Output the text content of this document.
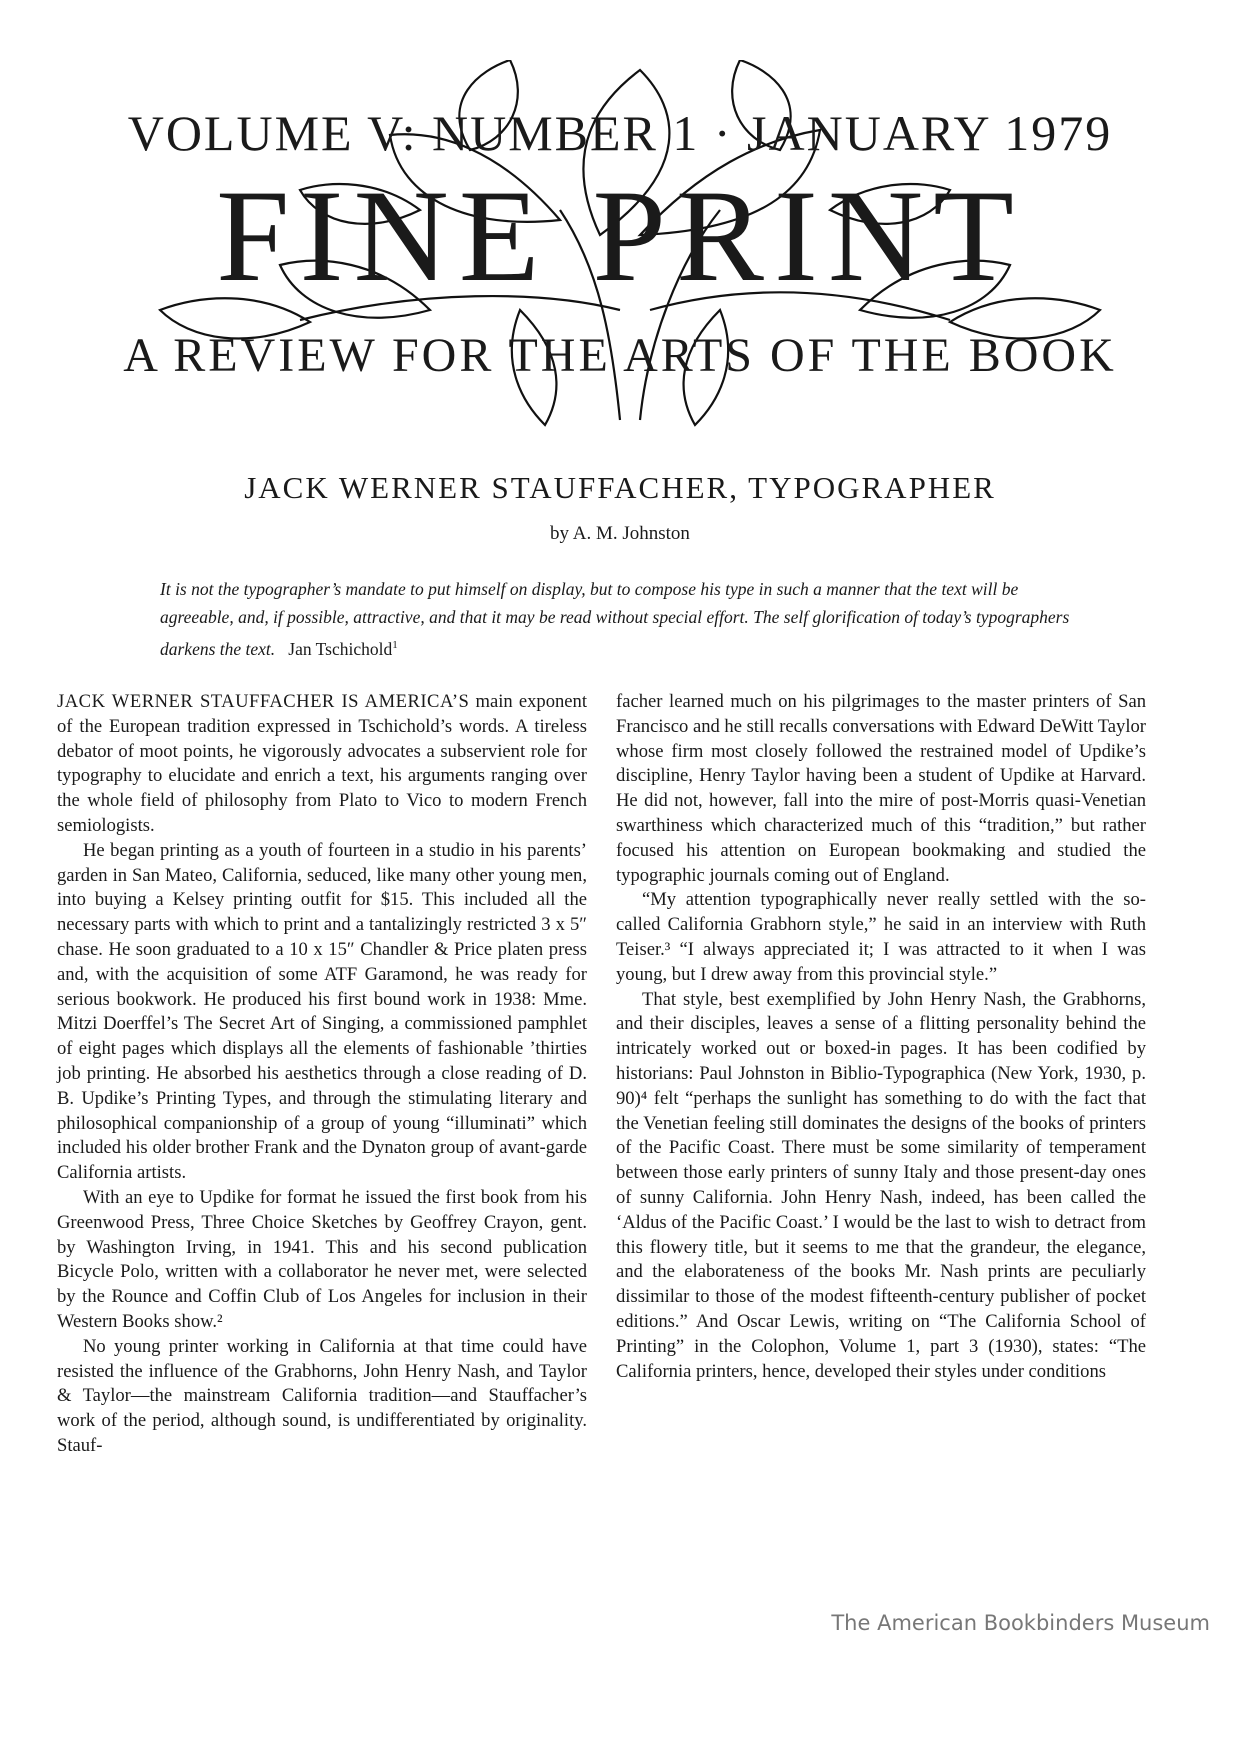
VOLUME V: NUMBER 1 · JANUARY 1979
FINE PRINT
A REVIEW FOR THE ARTS OF THE BOOK
JACK WERNER STAUFFACHER, TYPOGRAPHER
by A. M. Johnston
It is not the typographer’s mandate to put himself on display, but to compose his type in such a manner that the text will be agreeable, and, if possible, attractive, and that it may be read without special effort. The self glorification of today’s typographers darkens the text. Jan Tschichold$^1$

JACK WERNER STAUFFACHER IS AMERICA’S main exponent of the European tradition expressed in Tschichold’s words. A tireless debator of moot points, he vigorously advocates a subservient role for typography to elucidate and enrich a text, his arguments ranging over the whole field of philosophy from Plato to Vico to modern French semiologists.

He began printing as a youth of fourteen in a studio in his parents’ garden in San Mateo, California, seduced, like many other young men, into buying a Kelsey printing outfit for $15. This included all the necessary parts with which to print and a tantalizingly restricted 3 x 5″ chase. He soon graduated to a 10 x 15″ Chandler & Price platen press and, with the acquisition of some ATF Garamond, he was ready for serious bookwork. He produced his first bound work in 1938: Mme. Mitzi Doerffel’s The Secret Art of Singing, a commissioned pamphlet of eight pages which displays all the elements of fashionable ’thirties job printing. He absorbed his aesthetics through a close reading of D. B. Updike’s Printing Types, and through the stimulating literary and philosophical companionship of a group of young “illuminati” which included his older brother Frank and the Dynaton group of avant-garde California artists.

With an eye to Updike for format he issued the first book from his Greenwood Press, Three Choice Sketches by Geoffrey Crayon, gent. by Washington Irving, in 1941. This and his second publication Bicycle Polo, written with a collaborator he never met, were selected by the Rounce and Coffin Club of Los Angeles for inclusion in their Western Books show.²

No young printer working in California at that time could have resisted the influence of the Grabhorns, John Henry Nash, and Taylor & Taylor—the mainstream California tradition—and Stauffacher’s work of the period, although sound, is undifferentiated by originality. Stauf-

facher learned much on his pilgrimages to the master printers of San Francisco and he still recalls conversations with Edward DeWitt Taylor whose firm most closely followed the restrained model of Updike’s discipline, Henry Taylor having been a student of Updike at Harvard. He did not, however, fall into the mire of post-Morris quasi-Venetian swarthiness which characterized much of this “tradition,” but rather focused his attention on European bookmaking and studied the typographic journals coming out of England.

“My attention typographically never really settled with the so-called California Grabhorn style,” he said in an interview with Ruth Teiser.³ “I always appreciated it; I was attracted to it when I was young, but I drew away from this provincial style.”

That style, best exemplified by John Henry Nash, the Grabhorns, and their disciples, leaves a sense of a flitting personality behind the intricately worked out or boxed-in pages. It has been codified by historians: Paul Johnston in Biblio-Typographica (New York, 1930, p. 90)⁴ felt “perhaps the sunlight has something to do with the fact that the Venetian feeling still dominates the designs of the books of printers of the Pacific Coast. There must be some similarity of temperament between those early printers of sunny Italy and those present-day ones of sunny California. John Henry Nash, indeed, has been called the ‘Aldus of the Pacific Coast.’ I would be the last to wish to detract from this flowery title, but it seems to me that the grandeur, the elegance, and the elaborateness of the books Mr. Nash prints are peculiarly dissimilar to those of the modest fifteenth-century publisher of pocket editions.” And Oscar Lewis, writing on “The California School of Printing” in the Colophon, Volume 1, part 3 (1930), states: “The California printers, hence, developed their styles under conditions

The American Bookbinders Museum
